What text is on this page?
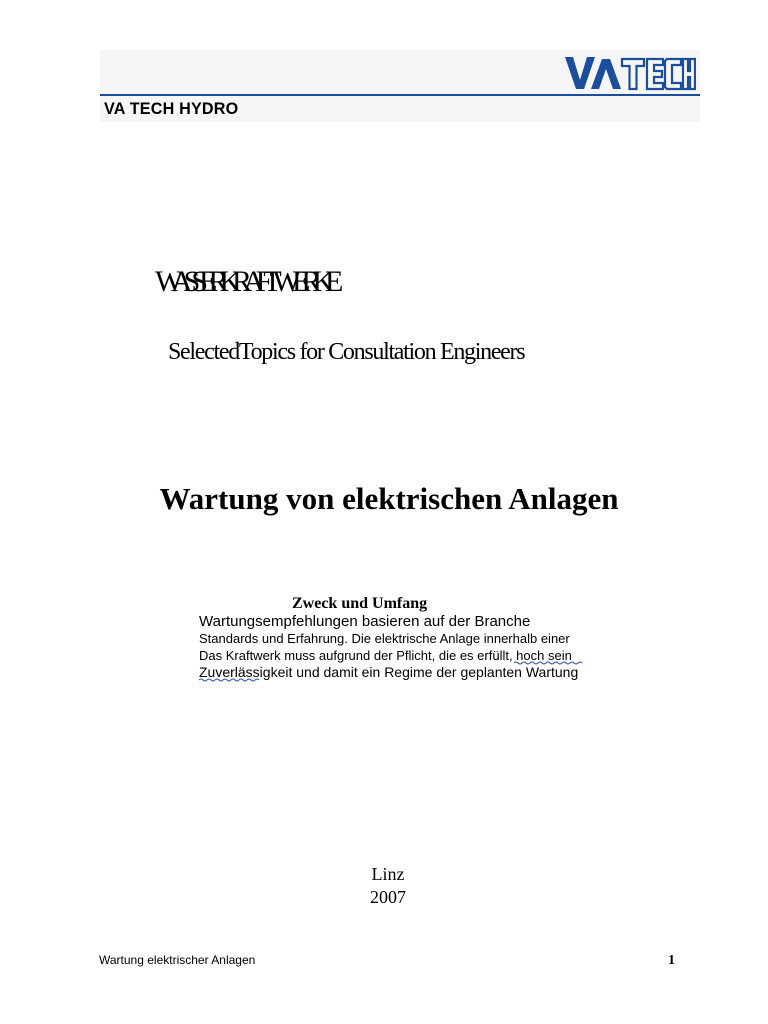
VA TECH HYDRO
WASSERKRAFTWERKE
SelectedTopics for Consultation Engineers
Wartung von elektrischen Anlagen
Zweck und Umfang
Wartungsempfehlungen basieren auf der Branche
Standards und Erfahrung. Die elektrische Anlage innerhalb einer
Das Kraftwerk muss aufgrund der Pflicht, die es erfüllt, hoch sein
Zuverlässigkeit und damit ein Regime der geplanten Wartung
Linz
2007
Wartung elektrischer Anlagen	1
